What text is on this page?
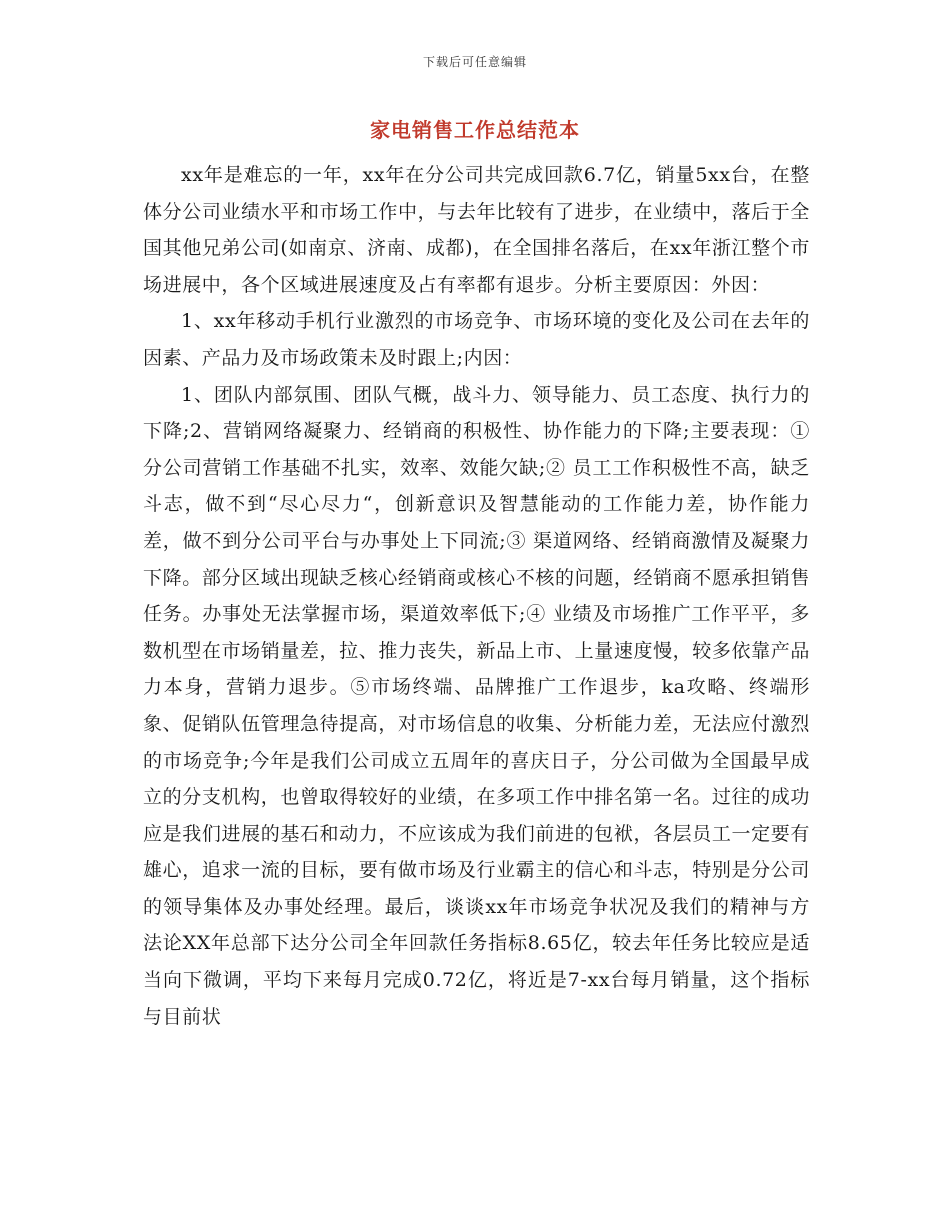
下载后可任意编辑
家电销售工作总结范本

xx年是难忘的一年，xx年在分公司共完成回款6.7亿，销量5xx台，在整体分公司业绩水平和市场工作中，与去年比较有了进步，在业绩中，落后于全国其他兄弟公司(如南京、济南、成都)，在全国排名落后，在xx年浙江整个市场进展中，各个区域进展速度及占有率都有退步。分析主要原因：外因：

1、xx年移动手机行业激烈的市场竞争、市场环境的变化及公司在去年的因素、产品力及市场政策未及时跟上;内因：

1、团队内部氛围、团队气概，战斗力、领导能力、员工态度、执行力的下降;2、营销网络凝聚力、经销商的积极性、协作能力的下降;主要表现：①分公司营销工作基础不扎实，效率、效能欠缺;② 员工工作积极性不高，缺乏斗志，做不到“尽心尽力“，创新意识及智慧能动的工作能力差，协作能力差，做不到分公司平台与办事处上下同流;③ 渠道网络、经销商激情及凝聚力下降。部分区域出现缺乏核心经销商或核心不核的问题，经销商不愿承担销售任务。办事处无法掌握市场，渠道效率低下;④ 业绩及市场推广工作平平，多数机型在市场销量差，拉、推力丧失，新品上市、上量速度慢，较多依靠产品力本身，营销力退步。⑤市场终端、品牌推广工作退步，ka攻略、终端形象、促销队伍管理急待提高，对市场信息的收集、分析能力差，无法应付激烈的市场竞争;今年是我们公司成立五周年的喜庆日子，分公司做为全国最早成立的分支机构，也曾取得较好的业绩，在多项工作中排名第一名。过往的成功应是我们进展的基石和动力，不应该成为我们前进的包袱，各层员工一定要有雄心，追求一流的目标，要有做市场及行业霸主的信心和斗志，特别是分公司的领导集体及办事处经理。最后，谈谈xx年市场竞争状况及我们的精神与方法论XX年总部下达分公司全年回款任务指标8.65亿，较去年任务比较应是适当向下微调，平均下来每月完成0.72亿，将近是7-xx台每月销量，这个指标与目前状
